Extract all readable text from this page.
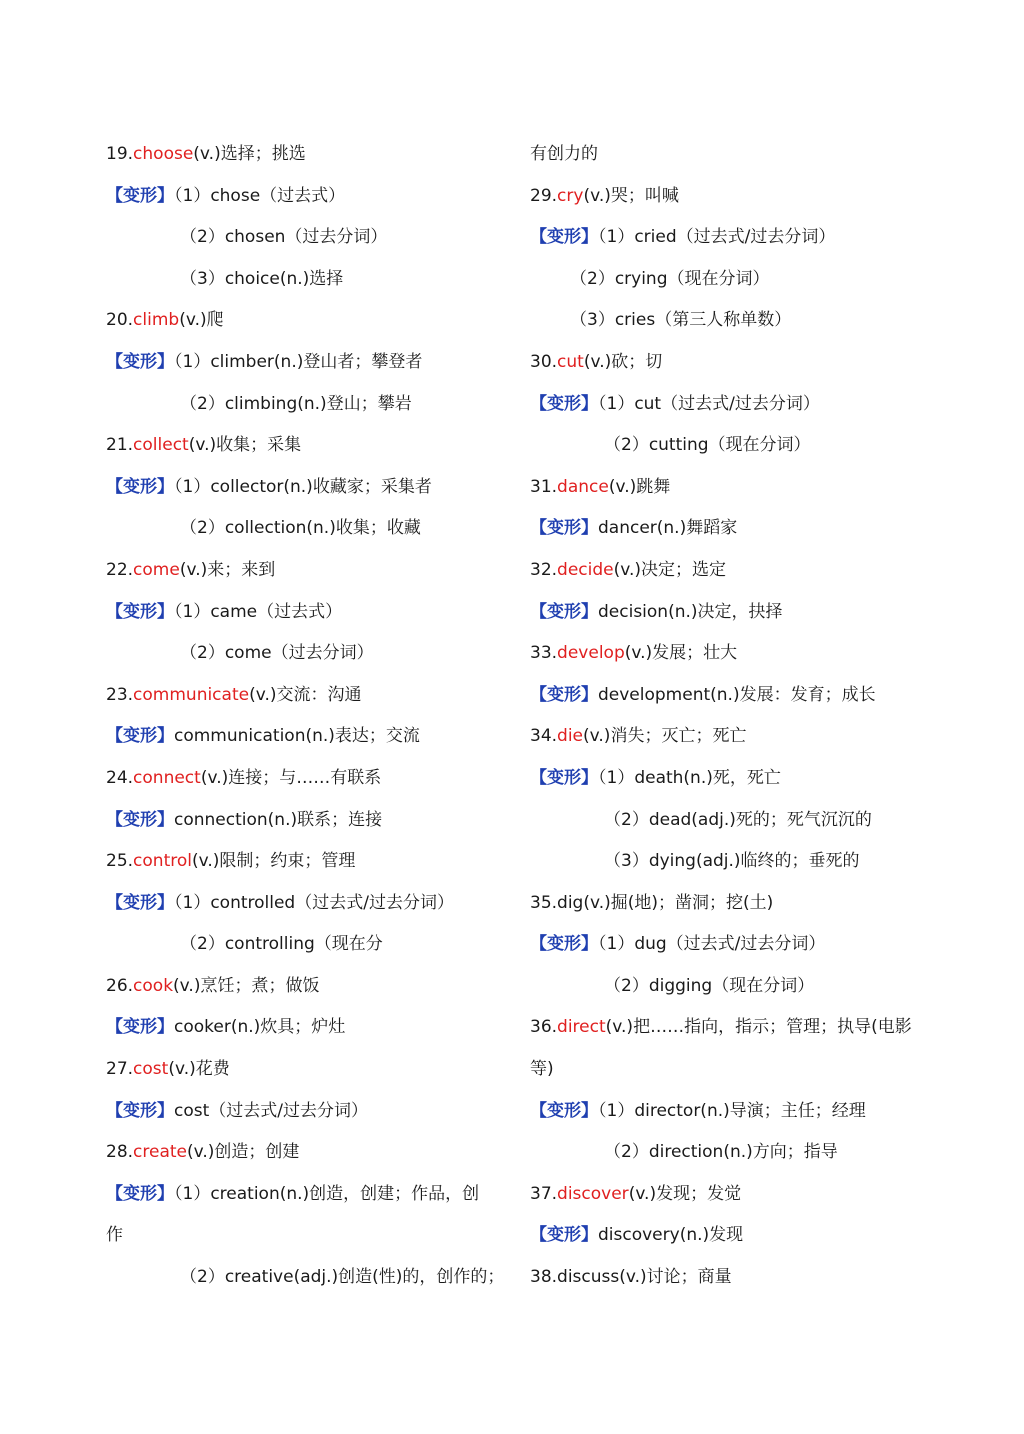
19.choose(v.)选择；挑选
【变形】（1）chose（过去式）
（2）chosen（过去分词）
（3）choice(n.)选择
20.climb(v.)爬
【变形】（1）climber(n.)登山者；攀登者
（2）climbing(n.)登山；攀岩
21.collect(v.)收集；采集
【变形】（1）collector(n.)收藏家；采集者
（2）collection(n.)收集；收藏
22.come(v.)来；来到
【变形】（1）came（过去式）
（2）come（过去分词）
23.communicate(v.)交流：沟通
【变形】communication(n.)表达；交流
24.connect(v.)连接；与……有联系
【变形】connection(n.)联系；连接
25.control(v.)限制；约束；管理
【变形】（1）controlled（过去式/过去分词）
（2）controlling（现在分
26.cook(v.)烹饪；煮；做饭
【变形】cooker(n.)炊具；炉灶
27.cost(v.)花费
【变形】cost（过去式/过去分词）
28.create(v.)创造；创建
【变形】（1）creation(n.)创造，创建；作品，创
作
（2）creative(adj.)创造(性)的，创作的；
有创力的
29.cry(v.)哭；叫喊
【变形】（1）cried（过去式/过去分词）
（2）crying（现在分词）
（3）cries（第三人称单数）
30.cut(v.)砍；切
【变形】（1）cut（过去式/过去分词）
（2）cutting（现在分词）
31.dance(v.)跳舞
【变形】dancer(n.)舞蹈家
32.decide(v.)决定；选定
【变形】decision(n.)决定，抉择
33.develop(v.)发展；壮大
【变形】development(n.)发展：发育；成长
34.die(v.)消失；灭亡；死亡
【变形】（1）death(n.)死，死亡
（2）dead(adj.)死的；死气沉沉的
（3）dying(adj.)临终的；垂死的
35.dig(v.)掘(地)；凿洞；挖(土)
【变形】（1）dug（过去式/过去分词）
（2）digging（现在分词）
36.direct(v.)把……指向，指示；管理；执导(电影
等)
【变形】（1）director(n.)导演；主任；经理
（2）direction(n.)方向；指导
37.discover(v.)发现；发觉
【变形】discovery(n.)发现
38.discuss(v.)讨论；商量
